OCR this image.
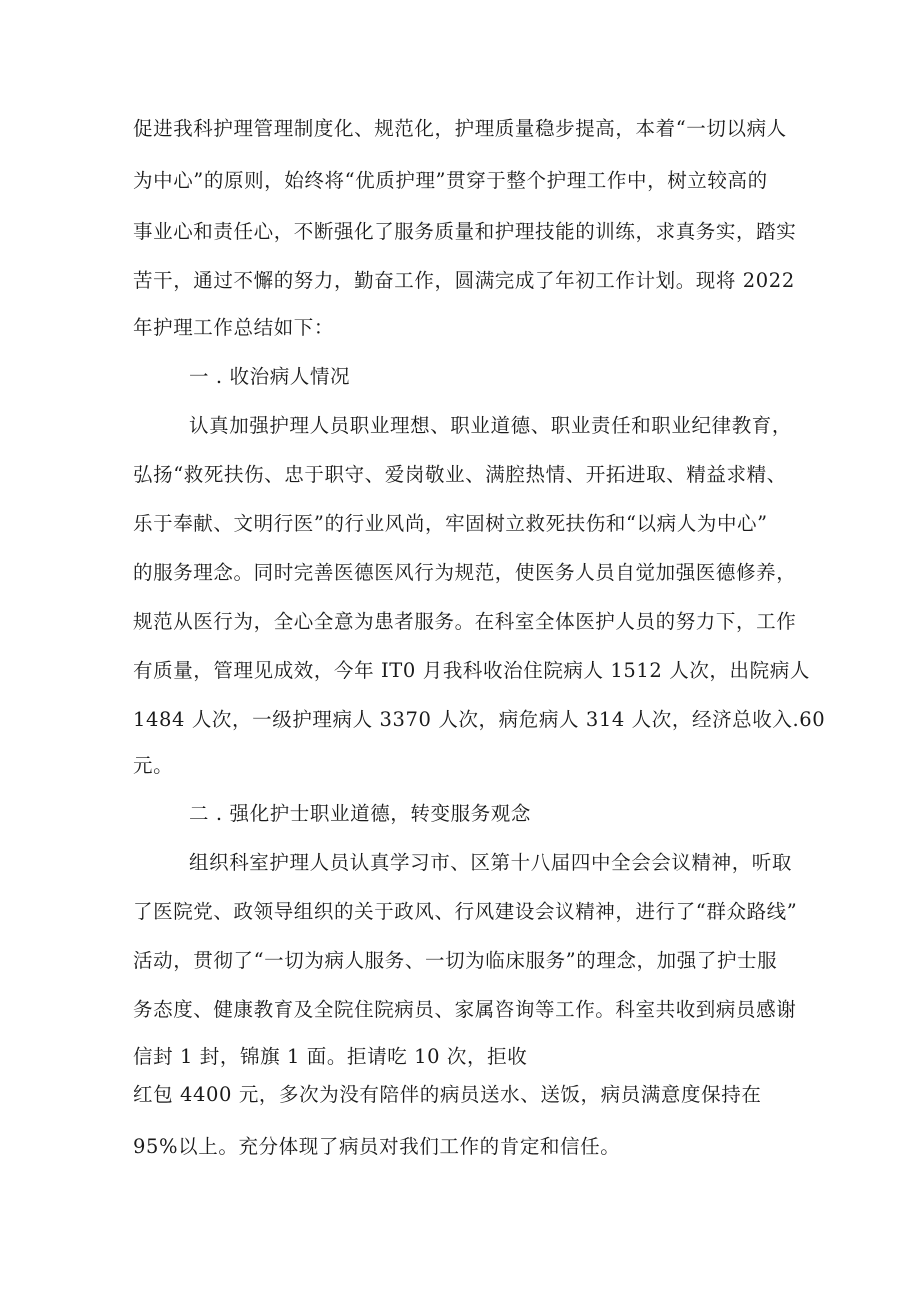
促进我科护理管理制度化、规范化，护理质量稳步提高，本着“一切以病人
为中心”的原则，始终将“优质护理”贯穿于整个护理工作中，树立较高的
事业心和责任心，不断强化了服务质量和护理技能的训练，求真务实，踏实
苦干，通过不懈的努力，勤奋工作，圆满完成了年初工作计划。现将 2022
年护理工作总结如下：
一 . 收治病人情况
认真加强护理人员职业理想、职业道德、职业责任和职业纪律教育，
弘扬“救死扶伤、忠于职守、爱岗敬业、满腔热情、开拓进取、精益求精、
乐于奉献、文明行医”的行业风尚，牢固树立救死扶伤和“以病人为中心”
的服务理念。同时完善医德医风行为规范，使医务人员自觉加强医德修养，
规范从医行为，全心全意为患者服务。在科室全体医护人员的努力下，工作
有质量，管理见成效，今年 IT0 月我科收治住院病人 1512 人次，出院病人
1484 人次，一级护理病人 3370 人次，病危病人 314 人次，经济总收入.60
元。
二 . 强化护士职业道德，转变服务观念
组织科室护理人员认真学习市、区第十八届四中全会会议精神，听取
了医院党、政领导组织的关于政风、行风建设会议精神，进行了“群众路线”
活动，贯彻了“一切为病人服务、一切为临床服务”的理念，加强了护士服
务态度、健康教育及全院住院病员、家属咨询等工作。科室共收到病员感谢
信封 1 封，锦旗 1 面。拒请吃 10 次，拒收
红包 4400 元，多次为没有陪伴的病员送水、送饭，病员满意度保持在
95%以上。充分体现了病员对我们工作的肯定和信任。
